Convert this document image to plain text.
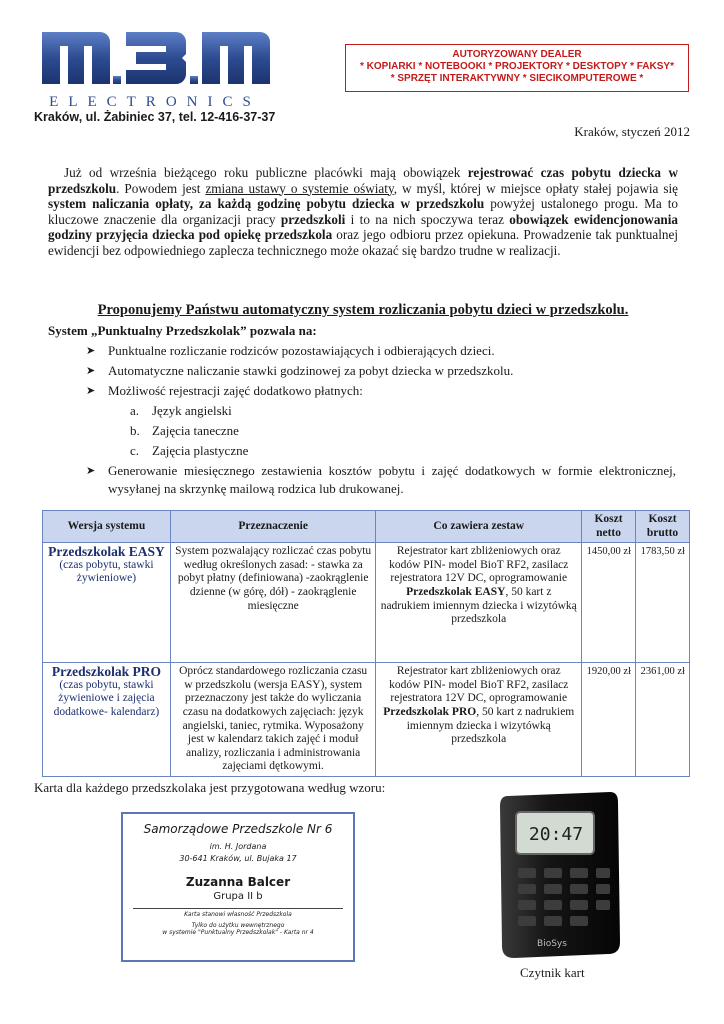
ELECTRONICS
Kraków, ul. Żabiniec 37, tel. 12-416-37-37
AUTORYZOWANY DEALER
* KOPIARKI * NOTEBOOKI * PROJEKTORY * DESKTOPY * FAKSY*
* SPRZĘT INTERAKTYWNY * SIECIKOMPUTEROWE *
Kraków, styczeń 2012

Już od września bieżącego roku publiczne placówki mają obowiązek rejestrować czas pobytu dziecka w przedszkolu. Powodem jest zmiana ustawy o systemie oświaty, w myśl, której w miejsce opłaty stałej pojawia się system naliczania opłaty, za każdą godzinę pobytu dziecka w przedszkolu powyżej ustalonego progu. Ma to kluczowe znaczenie dla organizacji pracy przedszkoli i to na nich spoczywa teraz obowiązek ewidencjonowania godziny przyjęcia dziecka pod opiekę przedszkola oraz jego odbioru przez opiekuna. Prowadzenie tak punktualnej ewidencji bez odpowiedniego zaplecza technicznego może okazać się bardzo trudne w realizacji.

Proponujemy Państwu automatyczny system rozliczania pobytu dzieci w przedszkolu.
System „Punktualny Przedszkolak” pozwala na:
➤ Punktualne rozliczanie rodziców pozostawiających i odbierających dzieci.
➤ Automatyczne naliczanie stawki godzinowej za pobyt dziecka w przedszkolu.
➤ Możliwość rejestracji zajęć dodatkowo płatnych:
a. Język angielski
b. Zajęcia taneczne
c. Zajęcia plastyczne
➤ Generowanie miesięcznego zestawienia kosztów pobytu i zajęć dodatkowych w formie elektronicznej, wysyłanej na skrzynkę mailową rodzica lub drukowanej.
Wersja systemu	Przeznaczenie	Co zawiera zestaw	Koszt netto	Koszt brutto

Przedszkolak EASY
(czas pobytu, stawki żywieniowe)	System pozwalający rozliczać czas pobytu według określonych zasad: - stawka za pobyt płatny (definiowana) -zaokrąglenie dzienne (w górę, dół) - zaokrąglenie miesięczne	Rejestrator kart zbliżeniowych oraz kodów PIN- model BioT RF2, zasilacz rejestratora 12V DC, oprogramowanie Przedszkolak EASY, 50 kart z nadrukiem imiennym dziecka i wizytówką przedszkola	1450,00 zł	1783,50 zł

Przedszkolak PRO
(czas pobytu, stawki żywieniowe i zajęcia dodatkowe- kalendarz)	Oprócz standardowego rozliczania czasu w przedszkolu (wersja EASY), system przeznaczony jest także do wyliczania czasu na dodatkowych zajęciach: język angielski, taniec, rytmika. Wyposażony jest w kalendarz takich zajęć i moduł analizy, rozliczania i administrowania zajęciami dętkowymi.	Rejestrator kart zbliżeniowych oraz kodów PIN- model BioT RF2, zasilacz rejestratora 12V DC, oprogramowanie Przedszkolak PRO, 50 kart z nadrukiem imiennym dziecka i wizytówką przedszkola	1920,00 zł	2361,00 zł
Karta dla każdego przedszkolaka jest przygotowana według wzoru:
Samorządowe Przedszkole Nr 6
im. H. Jordana
30-641 Kraków, ul. Bujaka 17
Zuzanna Balcer
Grupa II b
Karta stanowi własność Przedszkola
Tylko do użytku wewnętrznego
w systemie "Punktualny Przedszkolak" - Karta nr 4
20:47
BioSys
Czytnik kart
